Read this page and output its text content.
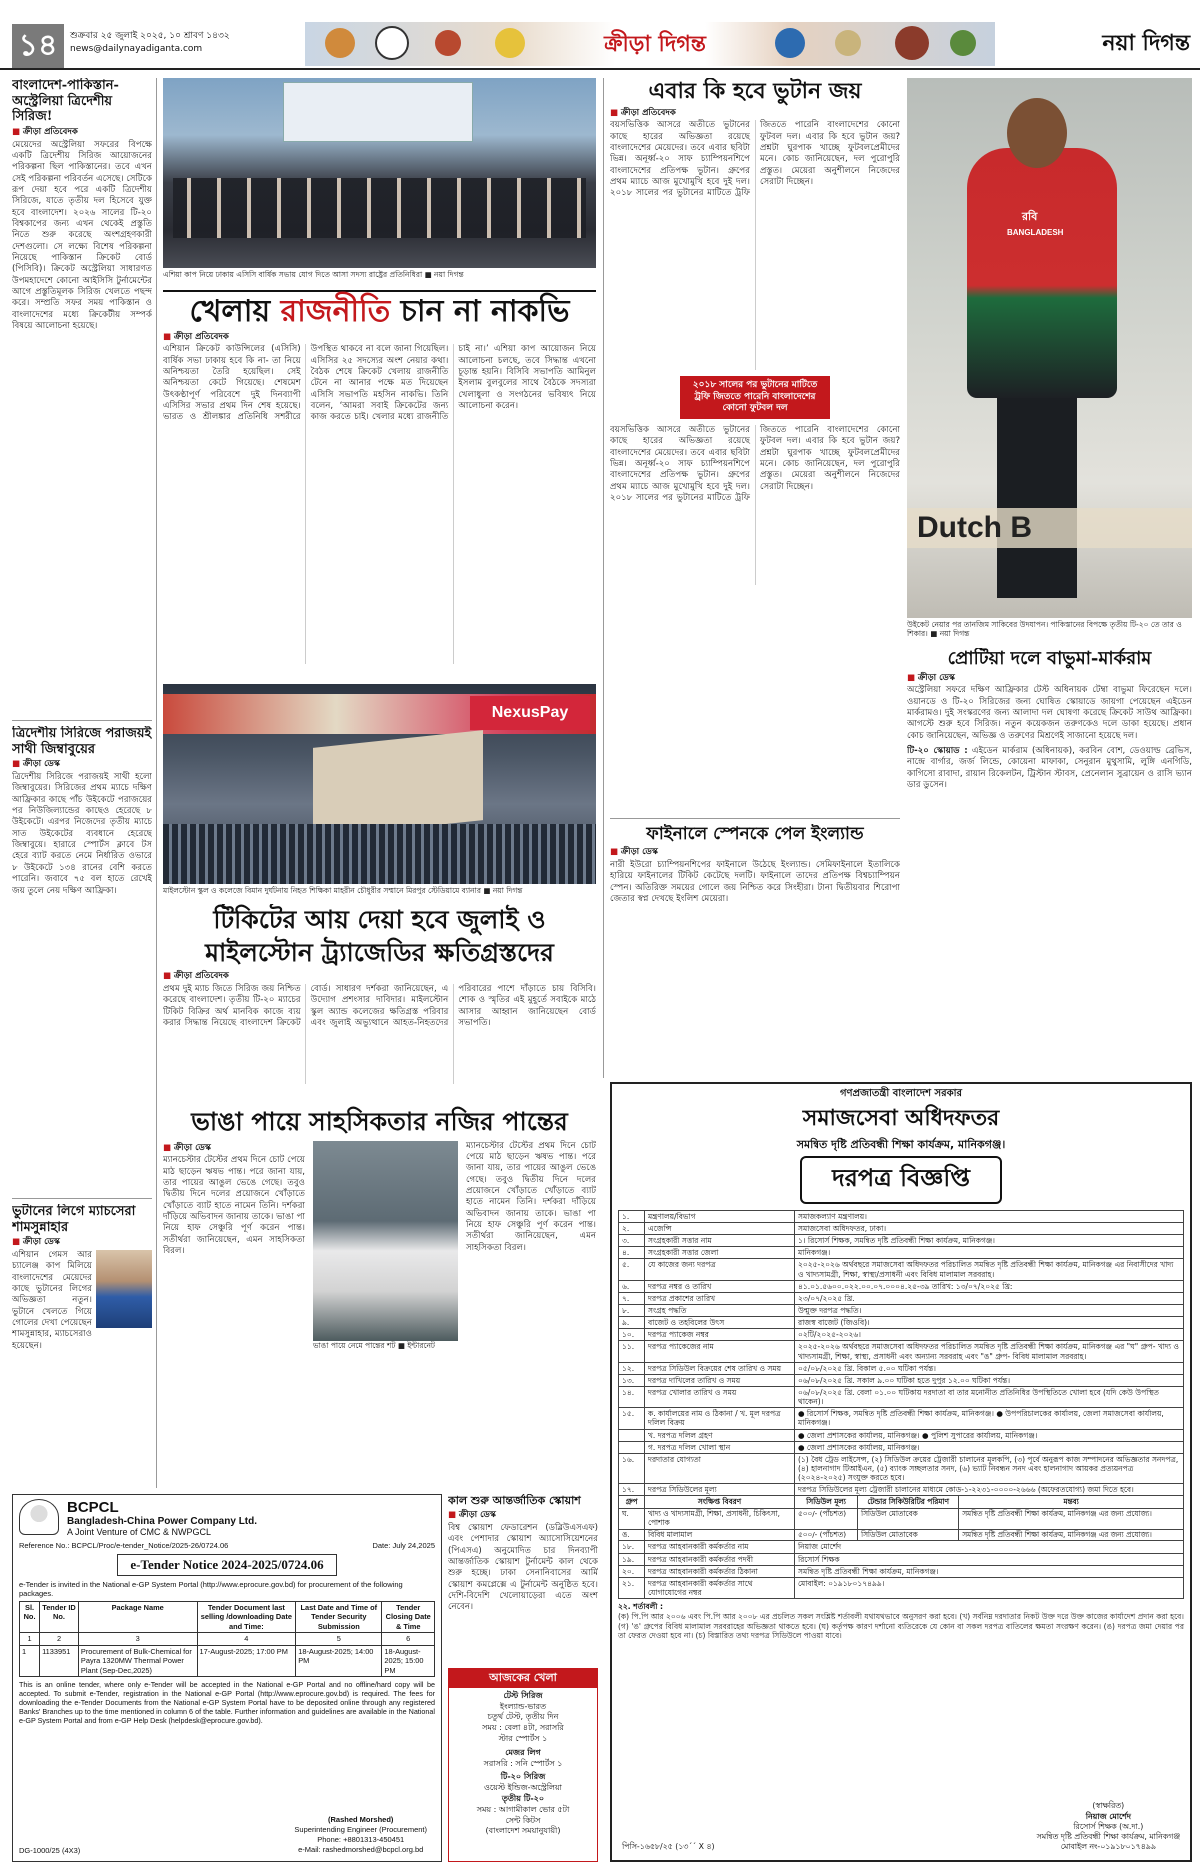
১৪	শুক্রবার ২৫ জুলাই ২০২৫, ১০ শ্রাবণ ১৪৩২
news@dailynayadiganta.com	ক্রীড়া দিগন্ত	নয়া দিগন্ত
বাংলাদেশ-পাকিস্তান-অস্ট্রেলিয়া ত্রিদেশীয় সিরিজ!
■ ক্রীড়া প্রতিবেদক
মেয়েদের অস্ট্রেলিয়া সফরের বিপক্ষে একটি ত্রিদেশীয় সিরিজ আয়োজনের পরিকল্পনা ছিল পাকিস্তানের। তবে এখন সেই পরিকল্পনা পরিবর্তন এসেছে। সেটিকে রূপ দেয়া হবে পরে একটি ত্রিদেশীয় সিরিজে, যাতে তৃতীয় দল হিসেবে যুক্ত হবে বাংলাদেশ। ২০২৬ সালের টি-২০ বিশ্বকাপের জন্য এখন থেকেই প্রস্তুতি নিতে শুরু করেছে অংশগ্রহণকারী দেশগুলো। সে লক্ষ্যে বিশেষ পরিকল্পনা নিয়েছে পাকিস্তান ক্রিকেট বোর্ড (পিসিবি)। ক্রিকেট অস্ট্রেলিয়া সাধারণত উপমহাদেশে কোনো আইসিসি টুর্নামেন্টের আগে প্রস্তুতিমূলক সিরিজ খেলতে পছন্দ করে। সম্প্রতি সফর সময় পাকিস্তান ও বাংলাদেশের মধ্যে ক্রিকেটীয় সম্পর্ক বিষয়ে আলোচনা হয়েছে।
ত্রিদেশীয় সিরিজে পরাজয়ই সাথী জিম্বাবুয়ের
■ ক্রীড়া ডেস্ক
ত্রিদেশীয় সিরিজে পরাজয়ই সাথী হলো জিম্বাবুয়ের। সিরিজের প্রথম ম্যাচে দক্ষিণ আফ্রিকার কাছে পাঁচ উইকেটে পরাজয়ের পর নিউজিল্যান্ডের কাছেও হেরেছে ৮ উইকেটে। এরপর নিজেদের তৃতীয় ম্যাচে সাত উইকেটের ব্যবধানে হেরেছে জিম্বাবুয়ে। হারারে স্পোর্টস ক্লাবে টস হেরে ব্যাট করতে নেমে নির্ধারিত ওভারে ৮ উইকেটে ১৩৪ রানের বেশি করতে পারেনি। জবাবে ৭৫ বল হাতে রেখেই জয় তুলে নেয় দক্ষিণ আফ্রিকা।
ভুটানের লিগে ম্যাচসেরা শামসুন্নাহার
■ ক্রীড়া ডেস্ক
এশিয়ান গেমস আর চ্যালেঞ্জ কাপ মিলিয়ে বাংলাদেশের মেয়েদের কাছে ভুটানের লিগের অভিজ্ঞতা নতুন। ভুটানে খেলতে গিয়ে গোলের দেখা পেয়েছেন শামসুন্নাহার, ম্যাচসেরাও হয়েছেন।
এশিয়া কাপ নিয়ে ঢাকায় এসিসি বার্ষিক সভায় যোগ দিতে আসা সদস্য রাষ্ট্রের প্রতিনিধিরা ■ নয়া দিগন্ত
খেলায় রাজনীতি চান না নাকভি
■ ক্রীড়া প্রতিবেদক
এশিয়ান ক্রিকেট কাউন্সিলের (এসিসি) বার্ষিক সভা ঢাকায় হবে কি না- তা নিয়ে অনিশ্চয়তা তৈরি হয়েছিল। সেই অনিশ্চয়তা কেটে গিয়েছে। শেষমেশ উৎকণ্ঠাপূর্ণ পরিবেশে দুই দিনব্যাপী এসিসির সভার প্রথম দিন শেষ হয়েছে। ভারত ও শ্রীলঙ্কার প্রতিনিধি সশরীরে উপস্থিত থাকবে না বলে জানা গিয়েছিল। এসিসির ২৫ সদস্যের অংশ নেয়ার কথা। বৈঠক শেষে ক্রিকেট খেলায় রাজনীতি টেনে না আনার পক্ষে মত দিয়েছেন এসিসি সভাপতি মহসিন নাকভি। তিনি বলেন, ‘আমরা সবাই ক্রিকেটের জন্য কাজ করতে চাই। খেলার মধ্যে রাজনীতি চাই না।’ এশিয়া কাপ আয়োজন নিয়ে আলোচনা চলছে, তবে সিদ্ধান্ত এখনো চূড়ান্ত হয়নি। বিসিবি সভাপতি আমিনুল ইসলাম বুলবুলের সাথে বৈঠকে সদস্যরা খেলাধুলা ও সংগঠনের ভবিষ্যৎ নিয়ে আলোচনা করেন।
NexusPay
মাইলস্টোন স্কুল ও কলেজে বিমান দুর্ঘটনায় নিহত শিক্ষিকা মাহরীন চৌধুরীর সম্মানে মিরপুর স্টেডিয়ামে ব্যানার ■ নয়া দিগন্ত
টিকিটের আয় দেয়া হবে জুলাই ও মাইলস্টোন ট্র্যাজেডির ক্ষতিগ্রস্তদের
■ ক্রীড়া প্রতিবেদক
প্রথম দুই ম্যাচ জিতে সিরিজ জয় নিশ্চিত করেছে বাংলাদেশ। তৃতীয় টি-২০ ম্যাচের টিকিট বিক্রির অর্থ মানবিক কাজে ব্যয় করার সিদ্ধান্ত নিয়েছে বাংলাদেশ ক্রিকেট বোর্ড। সাধারণ দর্শকরা জানিয়েছেন, এ উদ্যোগ প্রশংসার দাবিদার। মাইলস্টোন স্কুল অ্যান্ড কলেজের ক্ষতিগ্রস্ত পরিবার এবং জুলাই অভ্যুত্থানে আহত-নিহতদের পরিবারের পাশে দাঁড়াতে চায় বিসিবি। শোক ও স্মৃতির এই মুহূর্তে সবাইকে মাঠে আসার আহ্বান জানিয়েছেন বোর্ড সভাপতি।
ভাঙা পায়ে সাহসিকতার নজির পান্তের
■ ক্রীড়া ডেস্ক
ম্যানচেস্টার টেস্টের প্রথম দিনে চোট পেয়ে মাঠ ছাড়েন ঋষভ পান্ত। পরে জানা যায়, তার পায়ের আঙুল ভেঙে গেছে। তবুও দ্বিতীয় দিনে দলের প্রয়োজনে খোঁড়াতে খোঁড়াতে ব্যাট হাতে নামেন তিনি। দর্শকরা দাঁড়িয়ে অভিবাদন জানায় তাকে। ভাঙা পা নিয়ে হাফ সেঞ্চুরি পূর্ণ করেন পান্ত। সতীর্থরা জানিয়েছেন, এমন সাহসিকতা বিরল।
ভাঙা পায়ে নেমে পান্তের শট ■ ইন্টারনেট
ম্যানচেস্টার টেস্টের প্রথম দিনে চোট পেয়ে মাঠ ছাড়েন ঋষভ পান্ত। পরে জানা যায়, তার পায়ের আঙুল ভেঙে গেছে। তবুও দ্বিতীয় দিনে দলের প্রয়োজনে খোঁড়াতে খোঁড়াতে ব্যাট হাতে নামেন তিনি। দর্শকরা দাঁড়িয়ে অভিবাদন জানায় তাকে। ভাঙা পা নিয়ে হাফ সেঞ্চুরি পূর্ণ করেন পান্ত। সতীর্থরা জানিয়েছেন, এমন সাহসিকতা বিরল।
এবার কি হবে ভুটান জয়
■ ক্রীড়া প্রতিবেদক
বয়সভিত্তিক আসরে অতীতে ভুটানের কাছে হারের অভিজ্ঞতা রয়েছে বাংলাদেশের মেয়েদের। তবে এবার ছবিটা ভিন্ন। অনূর্ধ্ব-২০ সাফ চ্যাম্পিয়নশিপে বাংলাদেশের প্রতিপক্ষ ভুটান। গ্রুপের প্রথম ম্যাচে আজ মুখোমুখি হবে দুই দল। ২০১৮ সালের পর ভুটানের মাটিতে ট্রফি জিততে পারেনি বাংলাদেশের কোনো ফুটবল দল। এবার কি হবে ভুটান জয়? প্রশ্নটা ঘুরপাক খাচ্ছে ফুটবলপ্রেমীদের মনে। কোচ জানিয়েছেন, দল পুরোপুরি প্রস্তুত। মেয়েরা অনুশীলনে নিজেদের সেরাটা দিচ্ছেন।
২০১৮ সালের পর ভুটানের মাটিতে ট্রফি জিততে পারেনি বাংলাদেশের কোনো ফুটবল দল
বয়সভিত্তিক আসরে অতীতে ভুটানের কাছে হারের অভিজ্ঞতা রয়েছে বাংলাদেশের মেয়েদের। তবে এবার ছবিটা ভিন্ন। অনূর্ধ্ব-২০ সাফ চ্যাম্পিয়নশিপে বাংলাদেশের প্রতিপক্ষ ভুটান। গ্রুপের প্রথম ম্যাচে আজ মুখোমুখি হবে দুই দল। ২০১৮ সালের পর ভুটানের মাটিতে ট্রফি জিততে পারেনি বাংলাদেশের কোনো ফুটবল দল। এবার কি হবে ভুটান জয়? প্রশ্নটা ঘুরপাক খাচ্ছে ফুটবলপ্রেমীদের মনে। কোচ জানিয়েছেন, দল পুরোপুরি প্রস্তুত। মেয়েরা অনুশীলনে নিজেদের সেরাটা দিচ্ছেন।
ফাইনালে স্পেনকে পেল ইংল্যান্ড
■ ক্রীড়া ডেস্ক
নারী ইউরো চ্যাম্পিয়নশিপের ফাইনালে উঠেছে ইংল্যান্ড। সেমিফাইনালে ইতালিকে হারিয়ে ফাইনালের টিকিট কেটেছে দলটি। ফাইনালে তাদের প্রতিপক্ষ বিশ্বচ্যাম্পিয়ন স্পেন। অতিরিক্ত সময়ের গোলে জয় নিশ্চিত করে সিংহীরা। টানা দ্বিতীয়বার শিরোপা জেতার স্বপ্ন দেখছে ইংলিশ মেয়েরা।
রবি
BANGLADESH
Dutch B
উইকেট নেয়ার পর তানজিম সাকিবের উদযাপন। পাকিস্তানের বিপক্ষে তৃতীয় টি-২০ তে তার ও শিকার। ■ নয়া দিগন্ত
প্রোটিয়া দলে বাভুমা-মার্করাম
■ ক্রীড়া ডেস্ক
অস্ট্রেলিয়া সফরে দক্ষিণ আফ্রিকার টেস্ট অধিনায়ক টেম্বা বাভুমা ফিরেছেন দলে। ওয়ানডে ও টি-২০ সিরিজের জন্য ঘোষিত স্কোয়াডে জায়গা পেয়েছেন এইডেন মার্করামও। দুই সংস্করণের জন্য আলাদা দল ঘোষণা করেছে ক্রিকেট সাউথ আফ্রিকা। আগস্টে শুরু হবে সিরিজ। নতুন কয়েকজন তরুণকেও দলে ডাকা হয়েছে। প্রধান কোচ জানিয়েছেন, অভিজ্ঞ ও তরুণের মিশ্রণেই সাজানো হয়েছে দল।
টি-২০ স্কোয়াড : এইডেন মার্করাম (অধিনায়ক), করবিন বোশ, ডেওয়াল্ড ব্রেভিস, নান্দ্রে বার্গার, জর্জ লিন্ডে, কোয়েনা মাফাকা, সেনুরান মুথুসামি, লুঙ্গি এনগিডি, কাগিসো রাবাদা, রায়ান রিকেলটন, ট্রিস্টান স্টাবস, প্রেনেলান সুব্রায়েন ও রাসি ভ্যান ডার ডুসেন।
গণপ্রজাতন্ত্রী বাংলাদেশ সরকার
সমাজসেবা অধিদফতর
সমন্বিত দৃষ্টি প্রতিবন্ধী শিক্ষা কার্যক্রম, মানিকগঞ্জ।
দরপত্র বিজ্ঞপ্তি
১.	মন্ত্রণালয়/বিভাগ	সমাজকল্যাণ মন্ত্রণালয়।
২.	এজেন্সি	সমাজসেবা অধিদফতর, ঢাকা।
৩.	সংগ্রহকারী সত্তার নাম	১। রিসোর্স শিক্ষক, সমন্বিত দৃষ্টি প্রতিবন্ধী শিক্ষা কার্যক্রম, মানিকগঞ্জ।
৪.	সংগ্রহকারী সত্তার জেলা	মানিকগঞ্জ।
৫.	যে কাজের জন্য দরপত্র	২০২৫-২০২৬ অর্থবছরে সমাজসেবা অধিদফতর পরিচালিত সমন্বিত দৃষ্টি প্রতিবন্ধী শিক্ষা কার্যক্রম, মানিকগঞ্জ এর নিবাসীদের খাদ্য ও খাদ্যসামগ্রী, শিক্ষা, স্বাস্থ্য/প্রসাধনী এবং বিবিধ মালামাল সরবরাহ।
৬.	দরপত্র নম্বর ও তারিখ	৪১.০১.৫৬০০.০২২.০০.০৭.০০০৪.২৫-৩৯ তারিখ: ১৩/০৭/২০২৫ খ্রি:
৭.	দরপত্র প্রকাশের তারিখ	২৩/০৭/২০২৫ খ্রি.
৮.	সংগ্রহ পদ্ধতি	উন্মুক্ত দরপত্র পদ্ধতি।
৯.	বাজেট ও তহবিলের উৎস	রাজস্ব বাজেট (জিওবি)।
১০.	দরপত্র প্যাকেজ নম্বর	০২টি/২০২৫-২০২৬।
১১.	দরপত্র প্যাকেজের নাম	২০২৫-২০২৬ অর্থবছরে সমাজসেবা অধিদফতর পরিচালিত সমন্বিত দৃষ্টি প্রতিবন্ধী শিক্ষা কার্যক্রম, মানিকগঞ্জ এর "ঘ" গ্রুপ- খাদ্য ও খাদ্যসামগ্রী, শিক্ষা, স্বাস্থ্য, প্রসাধনী এবং অন্যান্য সরবরাহ এবং "ঙ" গ্রুপ- বিবিধ মালামাল সরবরাহ।
১২.	দরপত্র সিডিউল বিক্রয়ের শেষ তারিখ ও সময়	০৫/০৮/২০২৫ খ্রি. বিকাল ৫.০০ ঘটিকা পর্যন্ত।
১৩.	দরপত্র দাখিলের তারিখ ও সময়	০৬/০৮/২০২৫ খ্রি. সকাল ৯.০০ ঘটিকা হতে দুপুর ১২.০০ ঘটিকা পর্যন্ত।
১৪.	দরপত্র খোলার তারিখ ও সময়	০৬/০৮/২০২৫ খ্রি. বেলা ০১.০০ ঘটিকায় দরদাতা বা তার মনোনীত প্রতিনিধির উপস্থিতিতে খোলা হবে (যদি কেউ উপস্থিত থাকেন)।
১৫.	ক. কার্যালয়ের নাম ও ঠিকানা / খ. মূল দরপত্র দলিল বিক্রয়	● রিসোর্স শিক্ষক, সমন্বিত দৃষ্টি প্রতিবন্ধী শিক্ষা কার্যক্রম, মানিকগঞ্জ। ● উপপরিচালকের কার্যালয়, জেলা সমাজসেবা কার্যালয়, মানিকগঞ্জ।
	খ. দরপত্র দলিল গ্রহণ	● জেলা প্রশাসকের কার্যালয়, মানিকগঞ্জ। ● পুলিশ সুপারের কার্যালয়, মানিকগঞ্জ।
	গ. দরপত্র দলিল খোলা স্থান	● জেলা প্রশাসকের কার্যালয়, মানিকগঞ্জ।
১৬.	দরদাতার যোগ্যতা	(১) বৈধ ট্রেড লাইসেন্স, (২) সিডিউল ক্রয়ের ট্রেজারী চালানের মূলকপি, (৩) পূর্বে অনুরূপ কাজ সম্পাদনের অভিজ্ঞতার সনদপত্র, (৪) হালনাগাদ টিআইএন, (৫) ব্যাংক সচ্ছলতার সনদ, (৬) ভ্যাট নিবন্ধন সনদ এবং হালনাগাদ আয়কর প্রত্যয়নপত্র (২০২৪-২০২৫) সংযুক্ত করতে হবে।
১৭.	দরপত্র সিডিউলের মূল্য	দরপত্র সিডিউলের মূল্য ট্রেজারী চালানের মাধ্যমে কোড-১-২২৩১-০০০০-২৬৬৬ (অফেরতযোগ্য) জমা দিতে হবে।
গ্রুপ	সংক্ষিপ্ত বিবরণ	সিডিউল মূল্য	টেন্ডার সিকিউরিটির পরিমাণ	মন্তব্য
ঘ.	খাদ্য ও খাদ্যসামগ্রী, শিক্ষা, প্রসাধনী, চিকিৎসা, পোশাক	৫০০/- (পাঁচশত)	সিডিউল মোতাবেক	সমন্বিত দৃষ্টি প্রতিবন্ধী শিক্ষা কার্যক্রম, মানিকগঞ্জ এর জন্য প্রযোজ্য।
ঙ.	বিবিধ মালামাল	৫০০/- (পাঁচশত)	সিডিউল মোতাবেক	সমন্বিত দৃষ্টি প্রতিবন্ধী শিক্ষা কার্যক্রম, মানিকগঞ্জ এর জন্য প্রযোজ্য।
১৮.	দরপত্র আহবানকারী কর্মকর্তার নাম	নিয়াজ মোর্শেদ
১৯.	দরপত্র আহবানকারী কর্মকর্তার পদবী	রিসোর্স শিক্ষক
২০.	দরপত্র আহবানকারী কর্মকর্তার ঠিকানা	সমন্বিত দৃষ্টি প্রতিবন্ধী শিক্ষা কার্যক্রম, মানিকগঞ্জ।
২১.	দরপত্র আহবানকারী কর্মকর্তার সাথে যোগাযোগের নম্বর	মোবাইল: ০১৯১৮০১৭৪৯৯।
২২. শর্তাবলী :
(ক) পি.পি আর ২০০৬ এবং পি.পি আর ২০০৮ এর প্রচলিত সকল সংশ্লিষ্ট শর্তাবলী যথাযথভাবে অনুসরণ করা হবে। (খ) সর্বনিম্ন দরদাতার নিকট উক্ত দরে উক্ত কাজের কার্যাদেশ প্রদান করা হবে। (গ) 'ঙ' গ্রুপের বিবিধ মালামাল সরবরাহের অভিজ্ঞতা থাকতে হবে। (ঘ) কর্তৃপক্ষ কারণ দর্শানো ব্যতিরেকে যে কোন বা সকল দরপত্র বাতিলের ক্ষমতা সংরক্ষণ করেন। (ঙ) দরপত্র জমা দেয়ার পর তা ফেরত দেওয়া হবে না। (চ) বিস্তারিত তথ্য দরপত্র সিডিউলে পাওয়া যাবে।
(স্বাক্ষরিত)
নিয়াজ মোর্শেদ
রিসোর্স শিক্ষক (অ.দা.)
সমন্বিত দৃষ্টি প্রতিবন্ধী শিক্ষা কার্যক্রম, মানিকগঞ্জ
মোবাইল নং-০১৯১৮০১৭৪৯৯
পিসি-১৬৫৮/২৫ (১৩´´ X ৪)
BCPCL
Bangladesh-China Power Company Ltd.
A Joint Venture of CMC & NWPGCL
Reference No.: BCPCL/Proc/e-tender_Notice/2025-26/0724.06	Date: July 24,2025
e-Tender Notice 2024-2025/0724.06
e-Tender is invited in the National e-GP System Portal (http://www.eprocure.gov.bd) for procurement of the following packages.
Sl. No.	Tender ID No.	Package Name	Tender Document last selling /downloading Date and Time:	Last Date and Time of Tender Security Submission	Tender Closing Date & Time
1	2	3	4	5	6
1	1133951	Procurement of Bulk-Chemical for Payra 1320MW Thermal Power Plant (Sep-Dec,2025)	17-August-2025; 17:00 PM	18-August-2025; 14:00 PM	18-August-2025; 15:00 PM
This is an online tender, where only e-Tender will be accepted in the National e-GP Portal and no offline/hard copy will be accepted. To submit e-Tender, registration in the National e-GP Portal (http://www.eprocure.gov.bd) is required. The fees for downloading the e-Tender Documents from the National e-GP System Portal have to be deposited online through any registered Banks' Branches up to the time mentioned in column 6 of the table. Further information and guidelines are available in the National e-GP System Portal and from e-GP Help Desk (helpdesk@eprocure.gov.bd).
(Rashed Morshed)
Superintending Engineer (Procurement)
Phone: +8801313-450451
e-Mail: rashedmorshed@bcpcl.org.bd
DG-1000/25 (4X3)
কাল শুরু আন্তর্জাতিক স্কোয়াশ
■ ক্রীড়া ডেস্ক
বিশ্ব স্কোয়াশ ফেডারেশন (ডব্লিউএসএফ) এবং পেশাদার স্কোয়াশ অ্যাসোসিয়েশনের (পিএসএ) অনুমোদিত চার দিনব্যাপী আন্তর্জাতিক স্কোয়াশ টুর্নামেন্ট কাল থেকে শুরু হচ্ছে। ঢাকা সেনানিবাসের আর্মি স্কোয়াশ কমপ্লেক্সে এ টুর্নামেন্ট অনুষ্ঠিত হবে। দেশি-বিদেশি খেলোয়াড়েরা এতে অংশ নেবেন।
আজকের খেলা
টেস্ট সিরিজ
ইংল্যান্ড-ভারত
চতুর্থ টেস্ট, তৃতীয় দিন
সময় : বেলা ৪টা, সরাসরি
স্টার স্পোর্টস ১
মেজর লিগ
সরাসরি : সনি স্পোর্টস ১
টি-২০ সিরিজ
ওয়েস্ট ইন্ডিজ-অস্ট্রেলিয়া
তৃতীয় টি-২০
সময় : আগামীকাল ভোর ৫টা
সেন্ট কিটস
(বাংলাদেশ সময়ানুযায়ী)
